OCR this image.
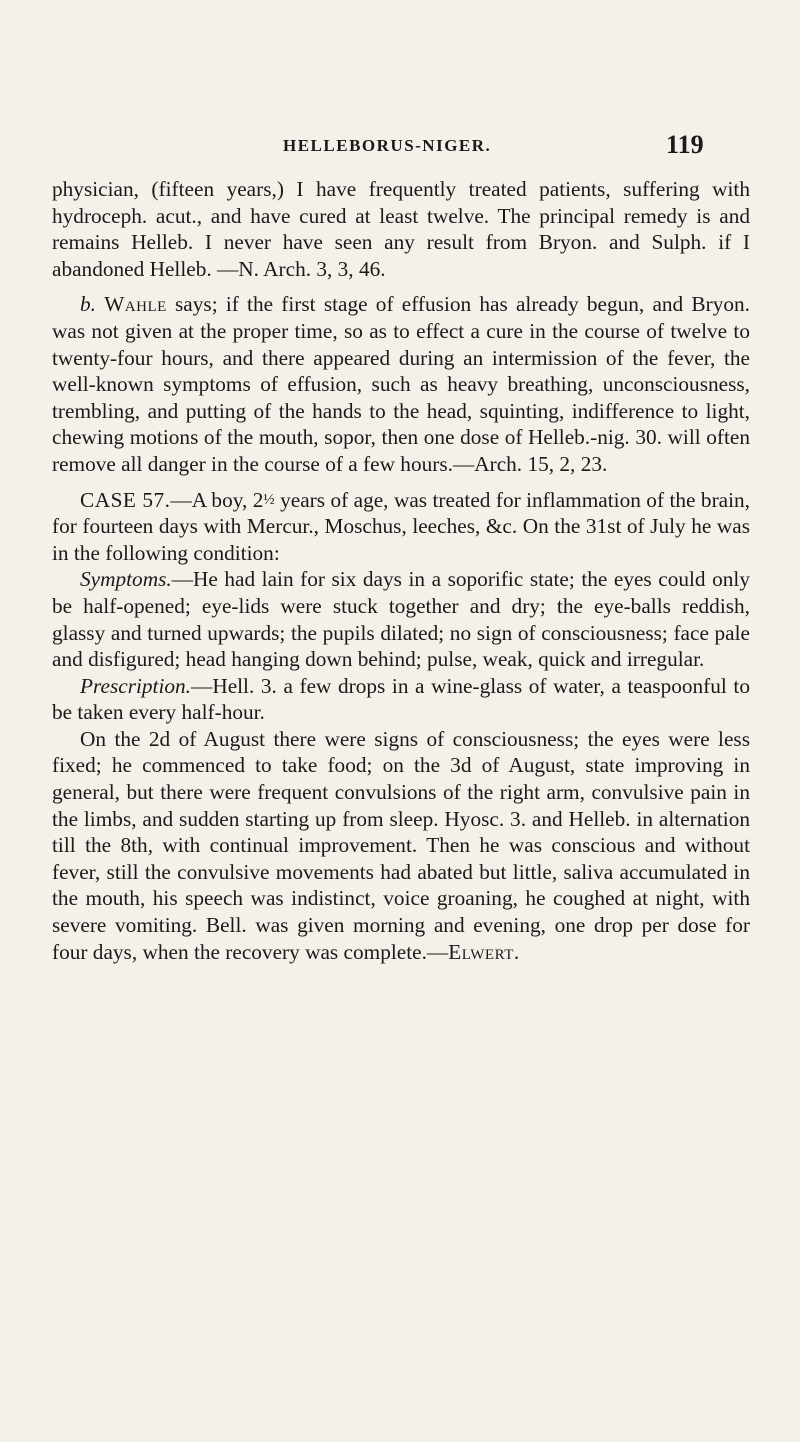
HELLEBORUS-NIGER.	119

physician, (fifteen years,) I have frequently treated patients, suffering with hydroceph. acut., and have cured at least twelve. The principal remedy is and remains Helleb. I never have seen any result from Bryon. and Sulph. if I abandoned Helleb. —N. Arch. 3, 3, 46.

b. Wahle says; if the first stage of effusion has already begun, and Bryon. was not given at the proper time, so as to effect a cure in the course of twelve to twenty-four hours, and there appeared during an intermission of the fever, the well-known symptoms of effusion, such as heavy breathing, unconsciousness, trembling, and putting of the hands to the head, squinting, indifference to light, chewing motions of the mouth, sopor, then one dose of Helleb.-nig. 30. will often remove all danger in the course of a few hours.—Arch. 15, 2, 23.

CASE 57.—A boy, 2½ years of age, was treated for inflammation of the brain, for fourteen days with Mercur., Moschus, leeches, &c. On the 31st of July he was in the following condition:

Symptoms.—He had lain for six days in a soporific state; the eyes could only be half-opened; eye-lids were stuck together and dry; the eye-balls reddish, glassy and turned upwards; the pupils dilated; no sign of consciousness; face pale and disfigured; head hanging down behind; pulse, weak, quick and irregular.

Prescription.—Hell. 3. a few drops in a wine-glass of water, a teaspoonful to be taken every half-hour.

On the 2d of August there were signs of consciousness; the eyes were less fixed; he commenced to take food; on the 3d of August, state improving in general, but there were frequent convulsions of the right arm, convulsive pain in the limbs, and sudden starting up from sleep. Hyosc. 3. and Helleb. in alternation till the 8th, with continual improvement. Then he was conscious and without fever, still the convulsive movements had abated but little, saliva accumulated in the mouth, his speech was indistinct, voice groaning, he coughed at night, with severe vomiting. Bell. was given morning and evening, one drop per dose for four days, when the recovery was complete.—Elwert.
